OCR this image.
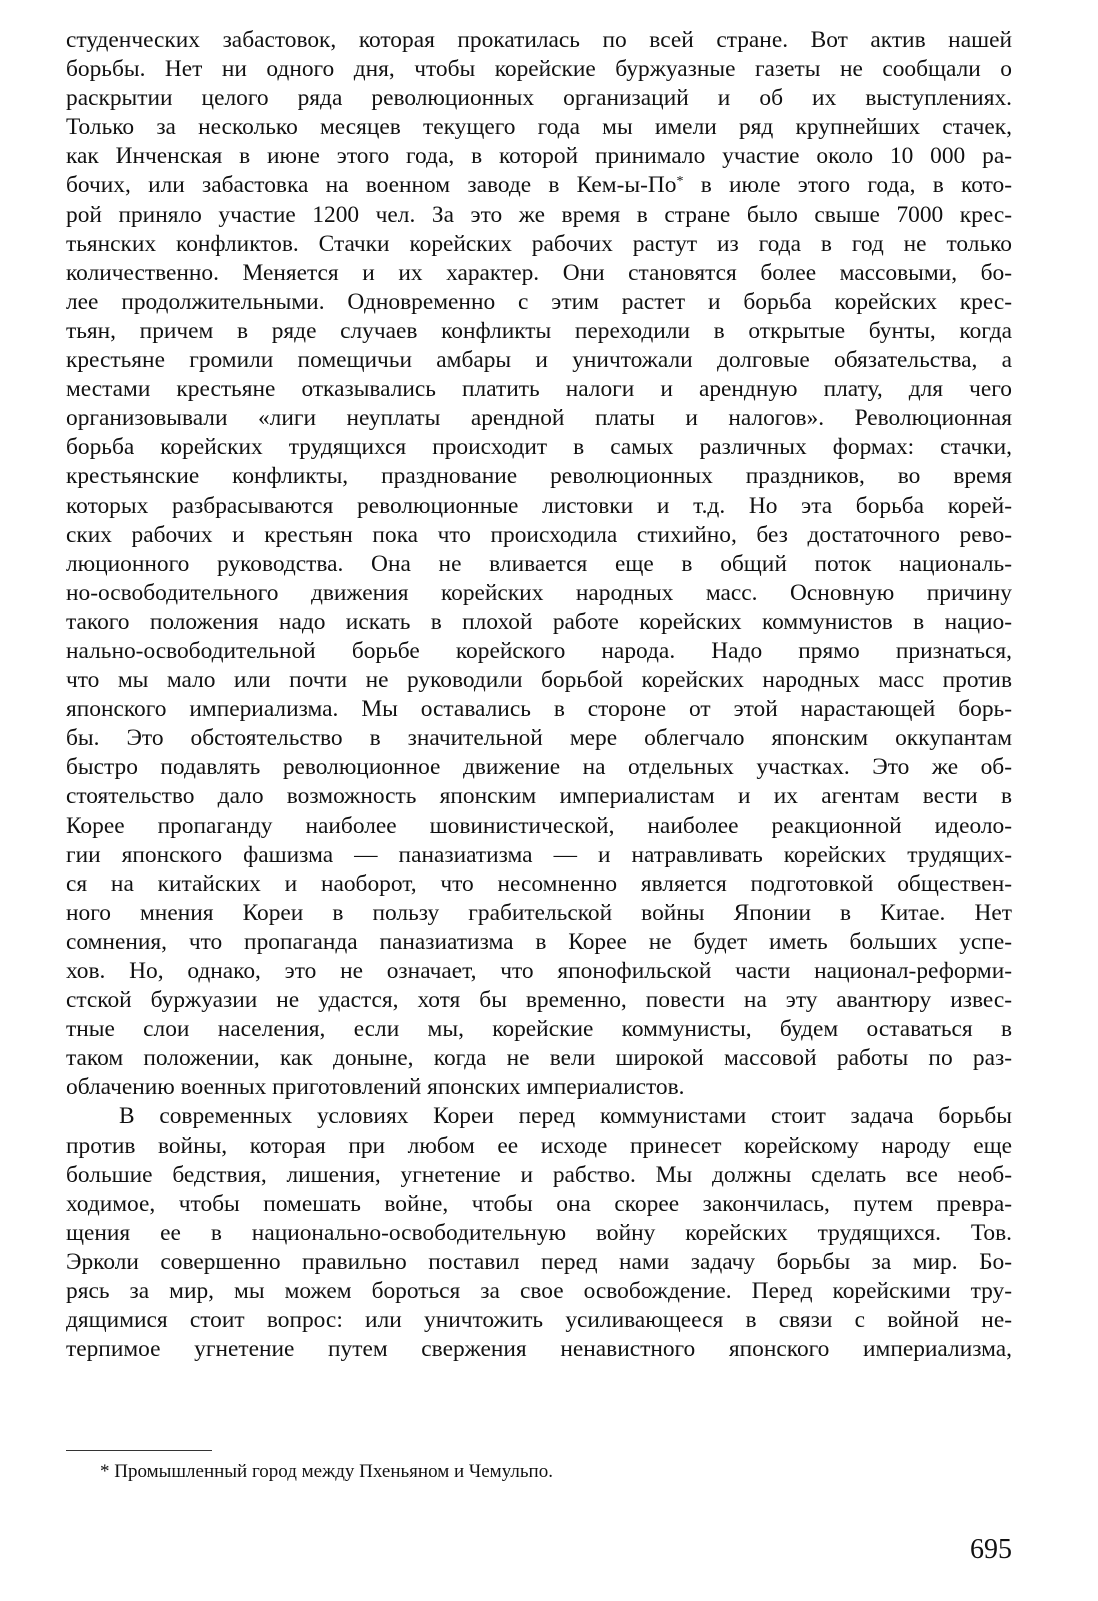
студенческих забастовок, которая прокатилась по всей стране. Вот актив нашей
борьбы. Нет ни одного дня, чтобы корейские буржуазные газеты не сообщали о
раскрытии целого ряда революционных организаций и об их выступлениях.
Только за несколько месяцев текущего года мы имели ряд крупнейших стачек,
как Инченская в июне этого года, в которой принимало участие около 10 000 ра-
бочих, или забастовка на военном заводе в Кем-ы-По* в июле этого года, в кото-
рой приняло участие 1200 чел. За это же время в стране было свыше 7000 крес-
тьянских конфликтов. Стачки корейских рабочих растут из года в год не только
количественно. Меняется и их характер. Они становятся более массовыми, бо-
лее продолжительными. Одновременно с этим растет и борьба корейских крес-
тьян, причем в ряде случаев конфликты переходили в открытые бунты, когда
крестьяне громили помещичьи амбары и уничтожали долговые обязательства, а
местами крестьяне отказывались платить налоги и арендную плату, для чего
организовывали «лиги неуплаты арендной платы и налогов». Революционная
борьба корейских трудящихся происходит в самых различных формах: стачки,
крестьянские конфликты, празднование революционных праздников, во время
которых разбрасываются революционные листовки и т.д. Но эта борьба корей-
ских рабочих и крестьян пока что происходила стихийно, без достаточного рево-
люционного руководства. Она не вливается еще в общий поток националь-
но-освободительного движения корейских народных масс. Основную причину
такого положения надо искать в плохой работе корейских коммунистов в нацио-
нально-освободительной борьбе корейского народа. Надо прямо признаться,
что мы мало или почти не руководили борьбой корейских народных масс против
японского империализма. Мы оставались в стороне от этой нарастающей борь-
бы. Это обстоятельство в значительной мере облегчало японским оккупантам
быстро подавлять революционное движение на отдельных участках. Это же об-
стоятельство дало возможность японским империалистам и их агентам вести в
Корее пропаганду наиболее шовинистической, наиболее реакционной идеоло-
гии японского фашизма — паназиатизма — и натравливать корейских трудящих-
ся на китайских и наоборот, что несомненно является подготовкой обществен-
ного мнения Кореи в пользу грабительской войны Японии в Китае. Нет
сомнения, что пропаганда паназиатизма в Корее не будет иметь больших успе-
хов. Но, однако, это не означает, что японофильской части национал-реформи-
стской буржуазии не удастся, хотя бы временно, повести на эту авантюру извес-
тные слои населения, если мы, корейские коммунисты, будем оставаться в
таком положении, как доныне, когда не вели широкой массовой работы по раз-
облачению военных приготовлений японских империалистов.
В современных условиях Кореи перед коммунистами стоит задача борьбы
против войны, которая при любом ее исходе принесет корейскому народу еще
большие бедствия, лишения, угнетение и рабство. Мы должны сделать все необ-
ходимое, чтобы помешать войне, чтобы она скорее закончилась, путем превра-
щения ее в национально-освободительную войну корейских трудящихся. Тов.
Эрколи совершенно правильно поставил перед нами задачу борьбы за мир. Бо-
рясь за мир, мы можем бороться за свое освобождение. Перед корейскими тру-
дящимися стоит вопрос: или уничтожить усиливающееся в связи с войной не-
терпимое угнетение путем свержения ненавистного японского империализма,
* Промышленный город между Пхеньяном и Чемульпо.
695
